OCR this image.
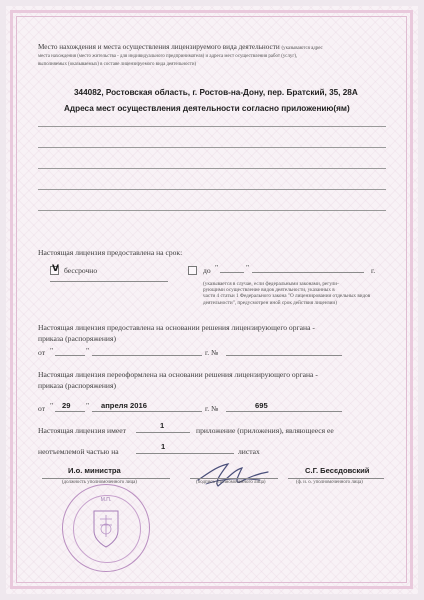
Место нахождения и места осуществления лицензируемого вида деятельности (указываются адрес
места нахождения (место жительства - для индивидуального предпринимателя) и адреса мест осуществления работ (услуг),
выполняемых (оказываемых) в составе лицензируемого вида деятельности)
344082, Ростовская область, г. Ростов-на-Дону, пер. Братский, 35, 28А
Адреса мест осуществления деятельности согласно приложению(ям)
Настоящая лицензия предоставлена на срок:
V бессрочно	до "	"	г.
(указывается в случае, если федеральными законами, регули-
рующими осуществление видов деятельности, указанных в
части 4 статьи 1 Федерального закона "О лицензировании отдельных видов
деятельности", предусмотрен иной срок действия лицензии)
Настоящая лицензия предоставлена на основании решения лицензирующего органа -
приказа (распоряжения)
от "	"	г. №
Настоящая лицензия переоформлена на основании решения лицензирующего органа -
приказа (распоряжения)
от " 29 " апреля 2016	г. №	695
Настоящая лицензия имеет
1
приложение (приложения), являющееся ее
неотъемлемой частью на
1
листах
И.о. министра
(должность уполномоченного лица)	(подпись уполномоченного лица)
С.Г. Бесєдовский
(ф. и. о. уполномоченного лица)
М.П.
